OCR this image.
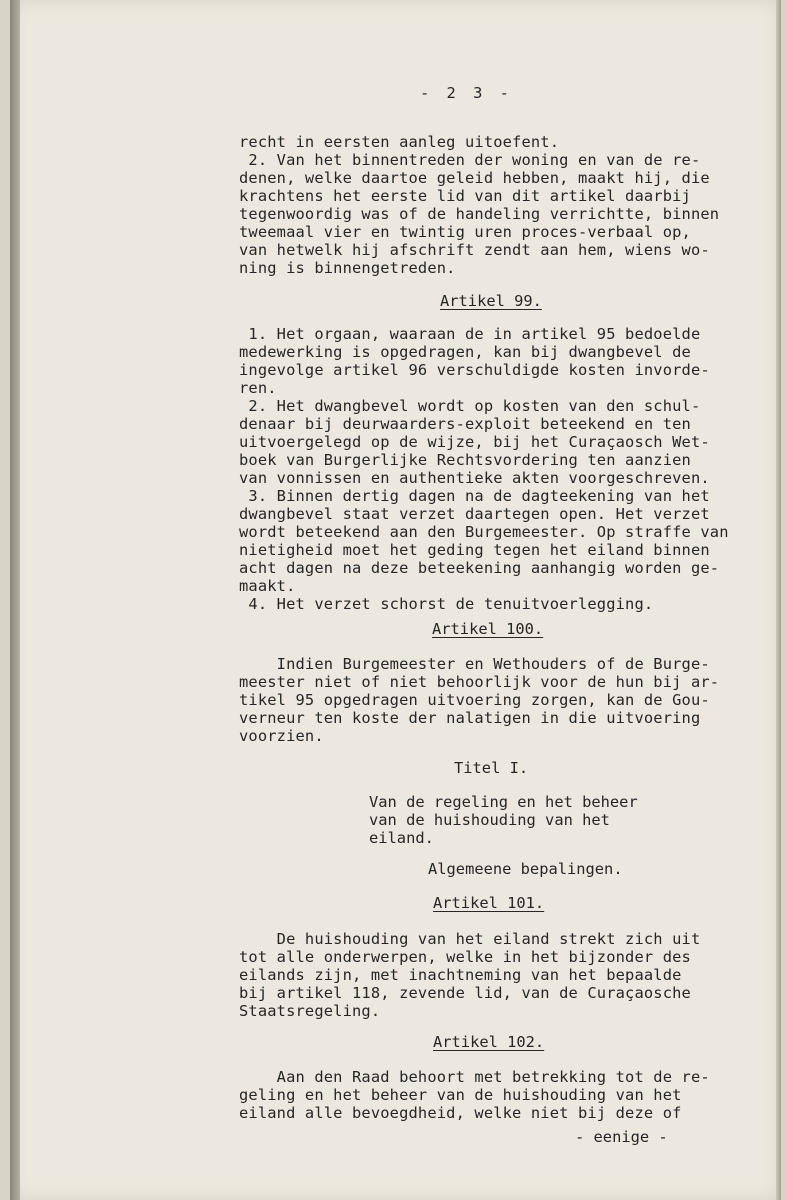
- 2 3 -
recht in eersten aanleg uitoefent.
2. Van het binnentreden der woning en van de re-
denen, welke daartoe geleid hebben, maakt hij, die
krachtens het eerste lid van dit artikel daarbij
tegenwoordig was of de handeling verrichtte, binnen
tweemaal vier en twintig uren proces-verbaal op,
van hetwelk hij afschrift zendt aan hem, wiens wo-
ning is binnengetreden.
Artikel 99.
1. Het orgaan, waaraan de in artikel 95 bedoelde
medewerking is opgedragen, kan bij dwangbevel de
ingevolge artikel 96 verschuldigde kosten invorde-
ren.
2. Het dwangbevel wordt op kosten van den schul-
denaar bij deurwaarders-exploit beteekend en ten
uitvoergelegd op de wijze, bij het Curaçaosch Wet-
boek van Burgerlijke Rechtsvordering ten aanzien
van vonnissen en authentieke akten voorgeschreven.
3. Binnen dertig dagen na de dagteekening van het
dwangbevel staat verzet daartegen open. Het verzet
wordt beteekend aan den Burgemeester. Op straffe van
nietigheid moet het geding tegen het eiland binnen
acht dagen na deze beteekening aanhangig worden ge-
maakt.
4. Het verzet schorst de tenuitvoerlegging.
Artikel 100.
Indien Burgemeester en Wethouders of de Burge-
meester niet of niet behoorlijk voor de hun bij ar-
tikel 95 opgedragen uitvoering zorgen, kan de Gou-
verneur ten koste der nalatigen in die uitvoering
voorzien.
Titel I.
Van de regeling en het beheer
van de huishouding van het
eiland.
Algemeene bepalingen.
Artikel 101.
De huishouding van het eiland strekt zich uit
tot alle onderwerpen, welke in het bijzonder des
eilands zijn, met inachtneming van het bepaalde
bij artikel 118, zevende lid, van de Curaçaosche
Staatsregeling.
Artikel 102.
Aan den Raad behoort met betrekking tot de re-
geling en het beheer van de huishouding van het
eiland alle bevoegdheid, welke niet bij deze of
- eenige -
